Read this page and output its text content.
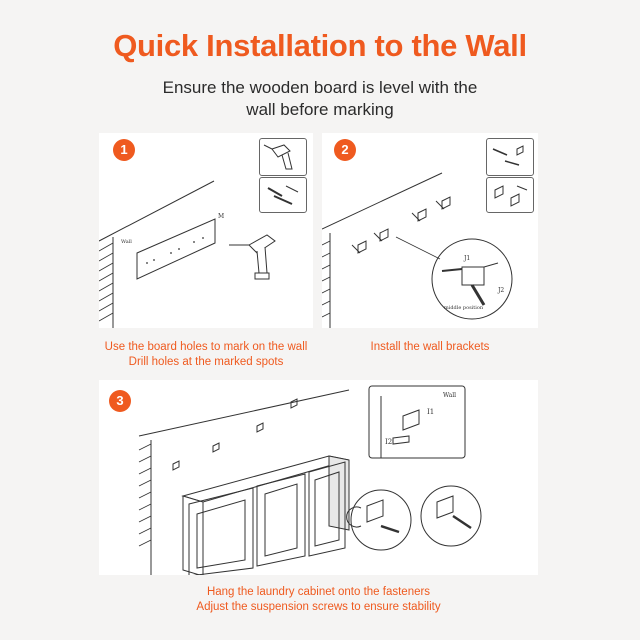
Quick Installation to the Wall
Ensure the wooden board is level with the
wall before marking
1
Wall
M
Use the board holes to mark on the wall
Drill holes at the marked spots
2
J1
J2
middle position
Install the wall brackets
3	Wall
I1
I2
Hang the laundry cabinet onto the fasteners
Adjust the suspension screws to ensure stability
